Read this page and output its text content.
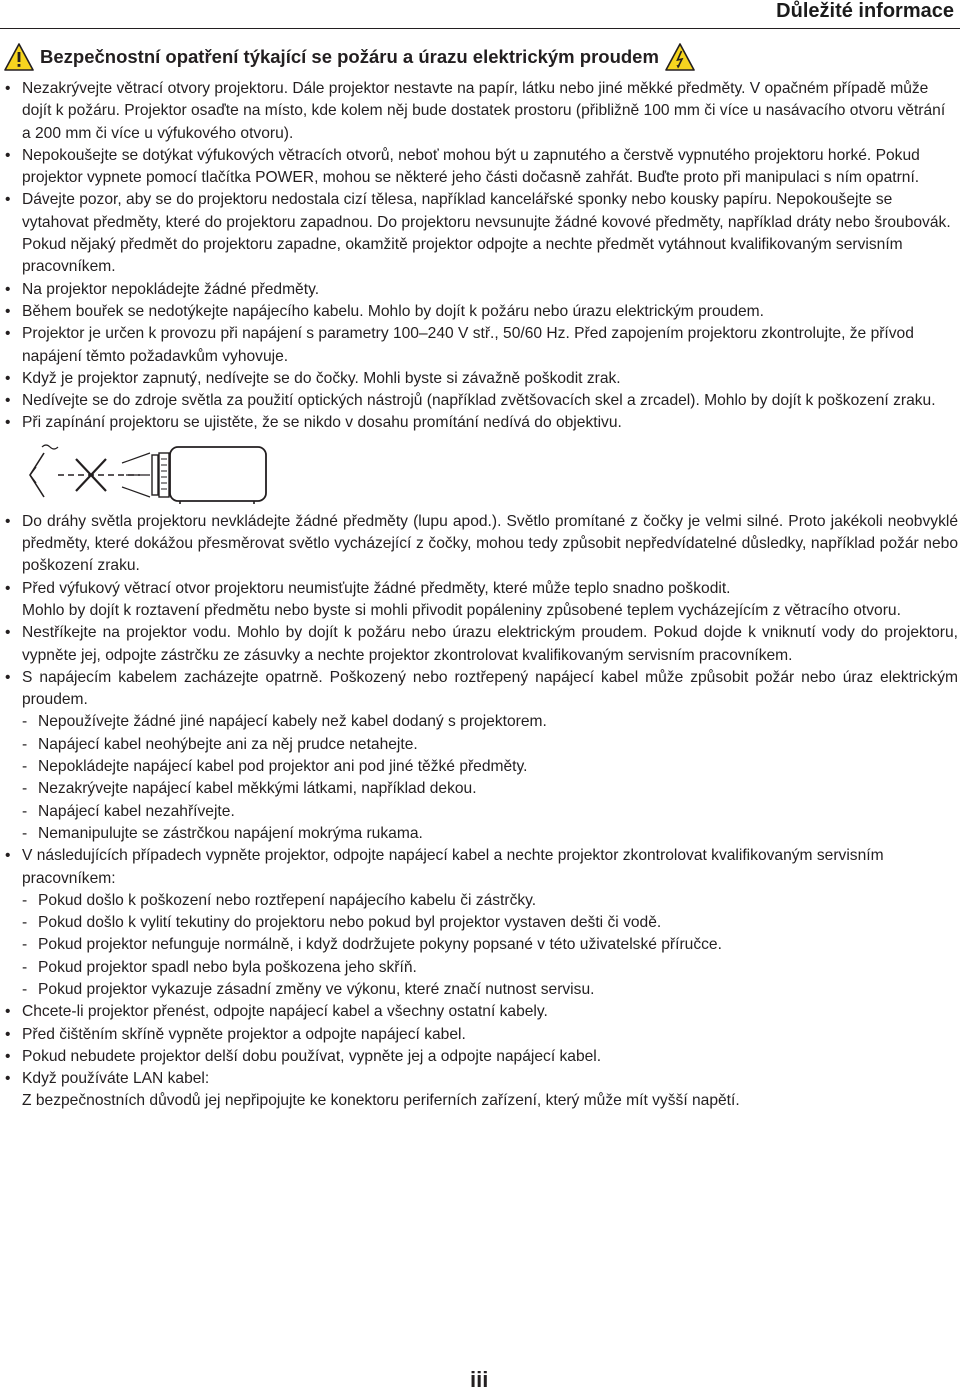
Důležité informace
Bezpečnostní opatření týkající se požáru a úrazu elektrickým proudem

• Nezakrývejte větrací otvory projektoru. Dále projektor nestavte na papír, látku nebo jiné měkké předměty. V opačném případě může dojít k požáru. Projektor osaďte na místo, kde kolem něj bude dostatek prostoru (přibližně 100 mm či více u nasávacího otvoru větrání a 200 mm či více u výfukového otvoru).

• Nepokoušejte se dotýkat výfukových větracích otvorů, neboť mohou být u zapnutého a čerstvě vypnutého projektoru horké. Pokud projektor vypnete pomocí tlačítka POWER, mohou se některé jeho části dočasně zahřát. Buďte proto při manipulaci s ním opatrní.

• Dávejte pozor, aby se do projektoru nedostala cizí tělesa, například kancelářské sponky nebo kousky papíru. Nepokoušejte se vytahovat předměty, které do projektoru zapadnou. Do projektoru nevsunujte žádné kovové předměty, například dráty nebo šroubovák. Pokud nějaký předmět do projektoru zapadne, okamžitě projektor odpojte a nechte předmět vytáhnout kvalifikovaným servisním pracovníkem.

• Na projektor nepokládejte žádné předměty.

• Během bouřek se nedotýkejte napájecího kabelu. Mohlo by dojít k požáru nebo úrazu elektrickým proudem.

• Projektor je určen k provozu při napájení s parametry 100‒240 V stř., 50/60 Hz. Před zapojením projektoru zkontrolujte, že přívod napájení těmto požadavkům vyhovuje.

• Když je projektor zapnutý, nedívejte se do čočky. Mohli byste si závažně poškodit zrak.

• Nedívejte se do zdroje světla za použití optických nástrojů (například zvětšovacích skel a zrcadel). Mohlo by dojít k poškození zraku.

• Při zapínání projektoru se ujistěte, že se nikdo v dosahu promítání nedívá do objektivu.

• Do dráhy světla projektoru nevkládejte žádné předměty (lupu apod.). Světlo promítané z čočky je velmi silné. Proto jakékoli neobvyklé předměty, které dokážou přesměrovat světlo vycházející z čočky, mohou tedy způsobit nepředvídatelné důsledky, například požár nebo poškození zraku.

• Před výfukový větrací otvor projektoru neumisťujte žádné předměty, které může teplo snadno poškodit.

Mohlo by dojít k roztavení předmětu nebo byste si mohli přivodit popáleniny způsobené teplem vycházejícím z větracího otvoru.

• Nestříkejte na projektor vodu. Mohlo by dojít k požáru nebo úrazu elektrickým proudem. Pokud dojde k vniknutí vody do projektoru, vypněte jej, odpojte zástrčku ze zásuvky a nechte projektor zkontrolovat kvalifikovaným servisním pracovníkem.

• S napájecím kabelem zacházejte opatrně. Poškozený nebo roztřepený napájecí kabel může způsobit požár nebo úraz elektrickým proudem.

- Nepoužívejte žádné jiné napájecí kabely než kabel dodaný s projektorem.

- Napájecí kabel neohýbejte ani za něj prudce netahejte.

- Nepokládejte napájecí kabel pod projektor ani pod jiné těžké předměty.

- Nezakrývejte napájecí kabel měkkými látkami, například dekou.

- Napájecí kabel nezahřívejte.

- Nemanipulujte se zástrčkou napájení mokrýma rukama.

• V následujících případech vypněte projektor, odpojte napájecí kabel a nechte projektor zkontrolovat kvalifikovaným servisním pracovníkem:

- Pokud došlo k poškození nebo roztřepení napájecího kabelu či zástrčky.

- Pokud došlo k vylití tekutiny do projektoru nebo pokud byl projektor vystaven dešti či vodě.

- Pokud projektor nefunguje normálně, i když dodržujete pokyny popsané v této uživatelské příručce.

- Pokud projektor spadl nebo byla poškozena jeho skříň.

- Pokud projektor vykazuje zásadní změny ve výkonu, které značí nutnost servisu.

• Chcete-li projektor přenést, odpojte napájecí kabel a všechny ostatní kabely.

• Před čištěním skříně vypněte projektor a odpojte napájecí kabel.

• Pokud nebudete projektor delší dobu používat, vypněte jej a odpojte napájecí kabel.

• Když používáte LAN kabel:

Z bezpečnostních důvodů jej nepřipojujte ke konektoru periferních zařízení, který může mít vyšší napětí.

iii
